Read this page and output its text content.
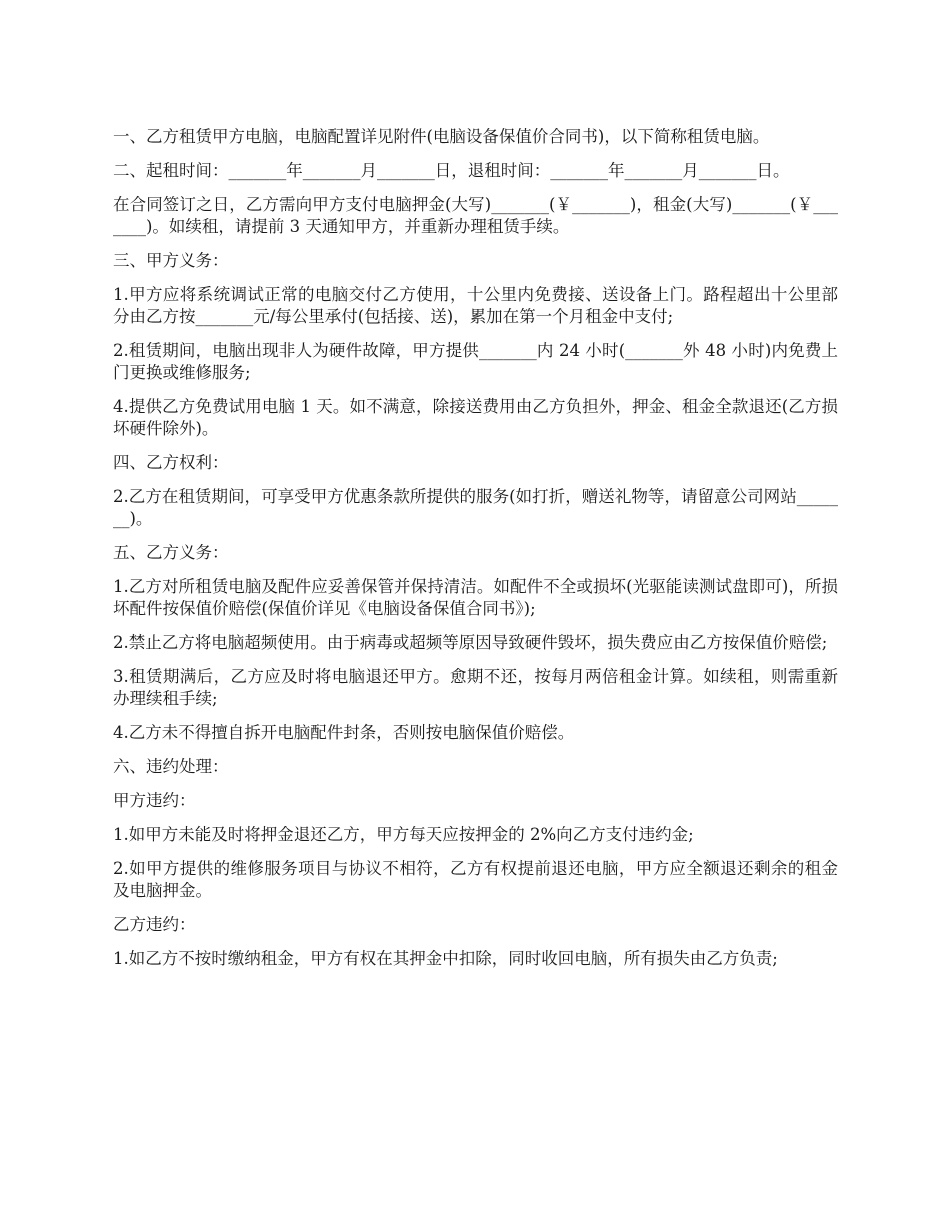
一、乙方租赁甲方电脑，电脑配置详见附件(电脑设备保值价合同书)，以下简称租赁电脑。

二、起租时间：_______年_______月_______日，退租时间：_______年_______月_______日。

在合同签订之日，乙方需向甲方支付电脑押金(大写)_______(￥_______)，租金(大写)_______(￥_______)。如续租，请提前 3 天通知甲方，并重新办理租赁手续。

三、甲方义务：

1.甲方应将系统调试正常的电脑交付乙方使用，十公里内免费接、送设备上门。路程超出十公里部分由乙方按_______元/每公里承付(包括接、送)，累加在第一个月租金中支付;

2.租赁期间，电脑出现非人为硬件故障，甲方提供_______内 24 小时(_______外 48 小时)内免费上门更换或维修服务;

4.提供乙方免费试用电脑 1 天。如不满意，除接送费用由乙方负担外，押金、租金全款退还(乙方损坏硬件除外)。

四、乙方权利：

2.乙方在租赁期间，可享受甲方优惠条款所提供的服务(如打折，赠送礼物等，请留意公司网站_______)。

五、乙方义务：

1.乙方对所租赁电脑及配件应妥善保管并保持清洁。如配件不全或损坏(光驱能读测试盘即可)，所损坏配件按保值价赔偿(保值价详见《电脑设备保值合同书》);

2.禁止乙方将电脑超频使用。由于病毒或超频等原因导致硬件毁坏，损失费应由乙方按保值价赔偿;

3.租赁期满后，乙方应及时将电脑退还甲方。愈期不还，按每月两倍租金计算。如续租，则需重新办理续租手续;

4.乙方未不得擅自拆开电脑配件封条，否则按电脑保值价赔偿。

六、违约处理：

甲方违约：

1.如甲方未能及时将押金退还乙方，甲方每天应按押金的 2%向乙方支付违约金;

2.如甲方提供的维修服务项目与协议不相符，乙方有权提前退还电脑，甲方应全额退还剩余的租金及电脑押金。

乙方违约：

1.如乙方不按时缴纳租金，甲方有权在其押金中扣除，同时收回电脑，所有损失由乙方负责;
